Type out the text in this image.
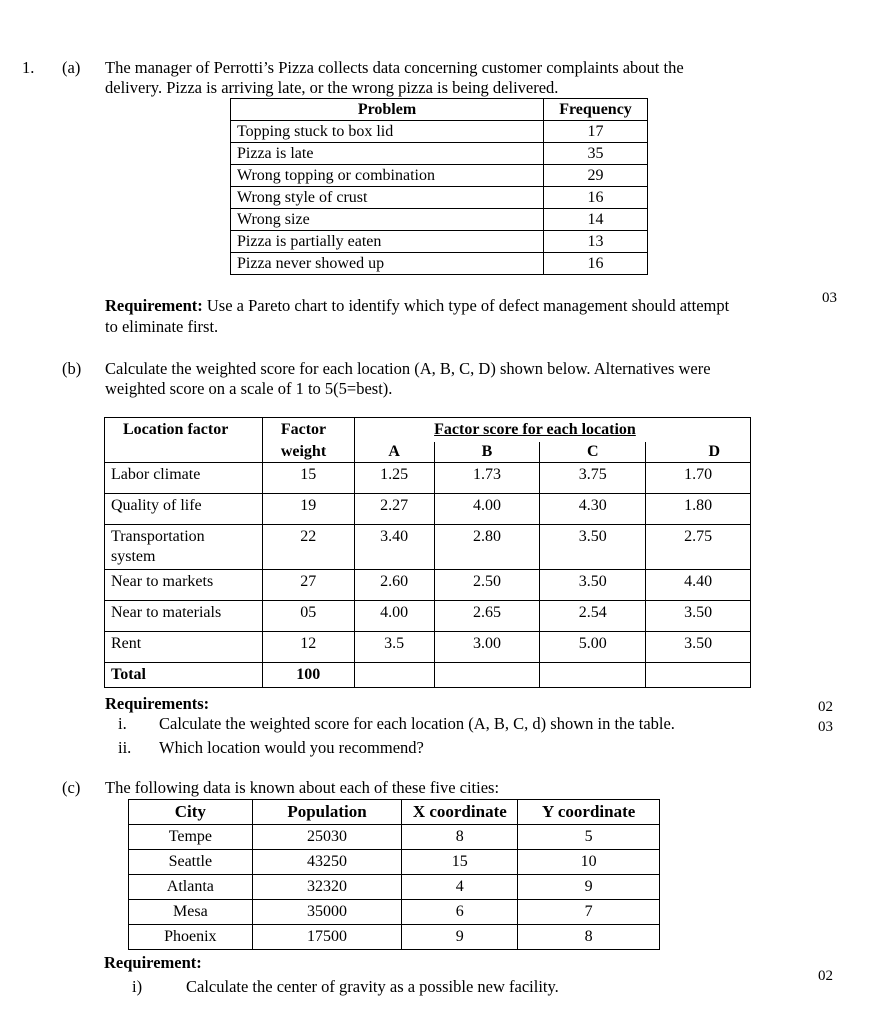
1. (a) The manager of Perrotti’s Pizza collects data concerning customer complaints about the
delivery. Pizza is arriving late, or the wrong pizza is being delivered.
Problem	Frequency
Topping stuck to box lid	17
Pizza is late	35
Wrong topping or combination	29
Wrong style of crust	16
Wrong size	14
Pizza is partially eaten	13
Pizza never showed up	16
Requirement: Use a Pareto chart to identify which type of defect management should attempt
to eliminate first.
03
(b) Calculate the weighted score for each location (A, B, C, D) shown below. Alternatives were
weighted score on a scale of 1 to 5(5=best).
Location factor	Factor		Factor score for each location		
	weight	A	B	C	D
Labor climate	15	1.25	1.73	3.75	1.70
Quality of life	19	2.27	4.00	4.30	1.80
Transportation
system	22	3.40	2.80	3.50	2.75
Near to markets	27	2.60	2.50	3.50	4.40
Near to materials	05	4.00	2.65	2.54	3.50
Rent	12	3.5	3.00	5.00	3.50
Total	100				
Requirements:
i. Calculate the weighted score for each location (A, B, C, d) shown in the table.
ii. Which location would you recommend?
02
03
(c) The following data is known about each of these five cities:
City	Population	X coordinate	Y coordinate
Tempe	25030	8	5
Seattle	43250	15	10
Atlanta	32320	4	9
Mesa	35000	6	7
Phoenix	17500	9	8
Requirement:
i)	Calculate the center of gravity as a possible new facility.
02
